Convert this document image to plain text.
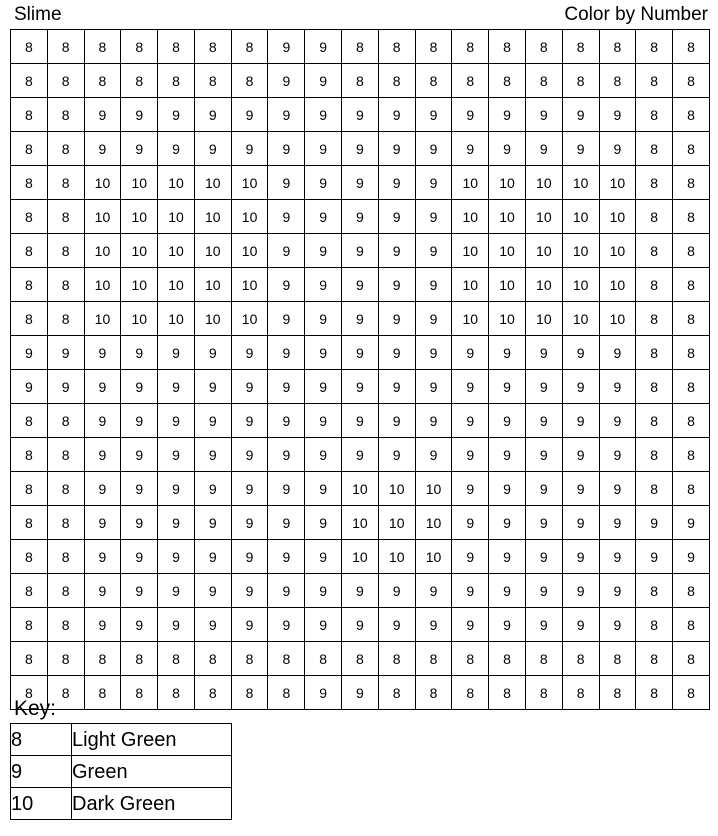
Slime	Color by Number
8	8	8	8	8	8	8	9	9	8	8	8	8	8	8	8	8	8	8
8	8	8	8	8	8	8	9	9	8	8	8	8	8	8	8	8	8	8
8	8	9	9	9	9	9	9	9	9	9	9	9	9	9	9	9	8	8
8	8	9	9	9	9	9	9	9	9	9	9	9	9	9	9	9	8	8
8	8	10	10	10	10	10	9	9	9	9	9	10	10	10	10	10	8	8
8	8	10	10	10	10	10	9	9	9	9	9	10	10	10	10	10	8	8
8	8	10	10	10	10	10	9	9	9	9	9	10	10	10	10	10	8	8
8	8	10	10	10	10	10	9	9	9	9	9	10	10	10	10	10	8	8
8	8	10	10	10	10	10	9	9	9	9	9	10	10	10	10	10	8	8
9	9	9	9	9	9	9	9	9	9	9	9	9	9	9	9	9	8	8
9	9	9	9	9	9	9	9	9	9	9	9	9	9	9	9	9	8	8
8	8	9	9	9	9	9	9	9	9	9	9	9	9	9	9	9	8	8
8	8	9	9	9	9	9	9	9	9	9	9	9	9	9	9	9	8	8
8	8	9	9	9	9	9	9	9	10	10	10	9	9	9	9	9	8	8
8	8	9	9	9	9	9	9	9	10	10	10	9	9	9	9	9	9	9
8	8	9	9	9	9	9	9	9	10	10	10	9	9	9	9	9	9	9
8	8	9	9	9	9	9	9	9	9	9	9	9	9	9	9	9	8	8
8	8	9	9	9	9	9	9	9	9	9	9	9	9	9	9	9	8	8
8	8	8	8	8	8	8	8	8	8	8	8	8	8	8	8	8	8	8
8	8	8	8	8	8	8	8	9	9	8	8	8	8	8	8	8	8	8
Key:
8	Light Green
9	Green
10	Dark Green
